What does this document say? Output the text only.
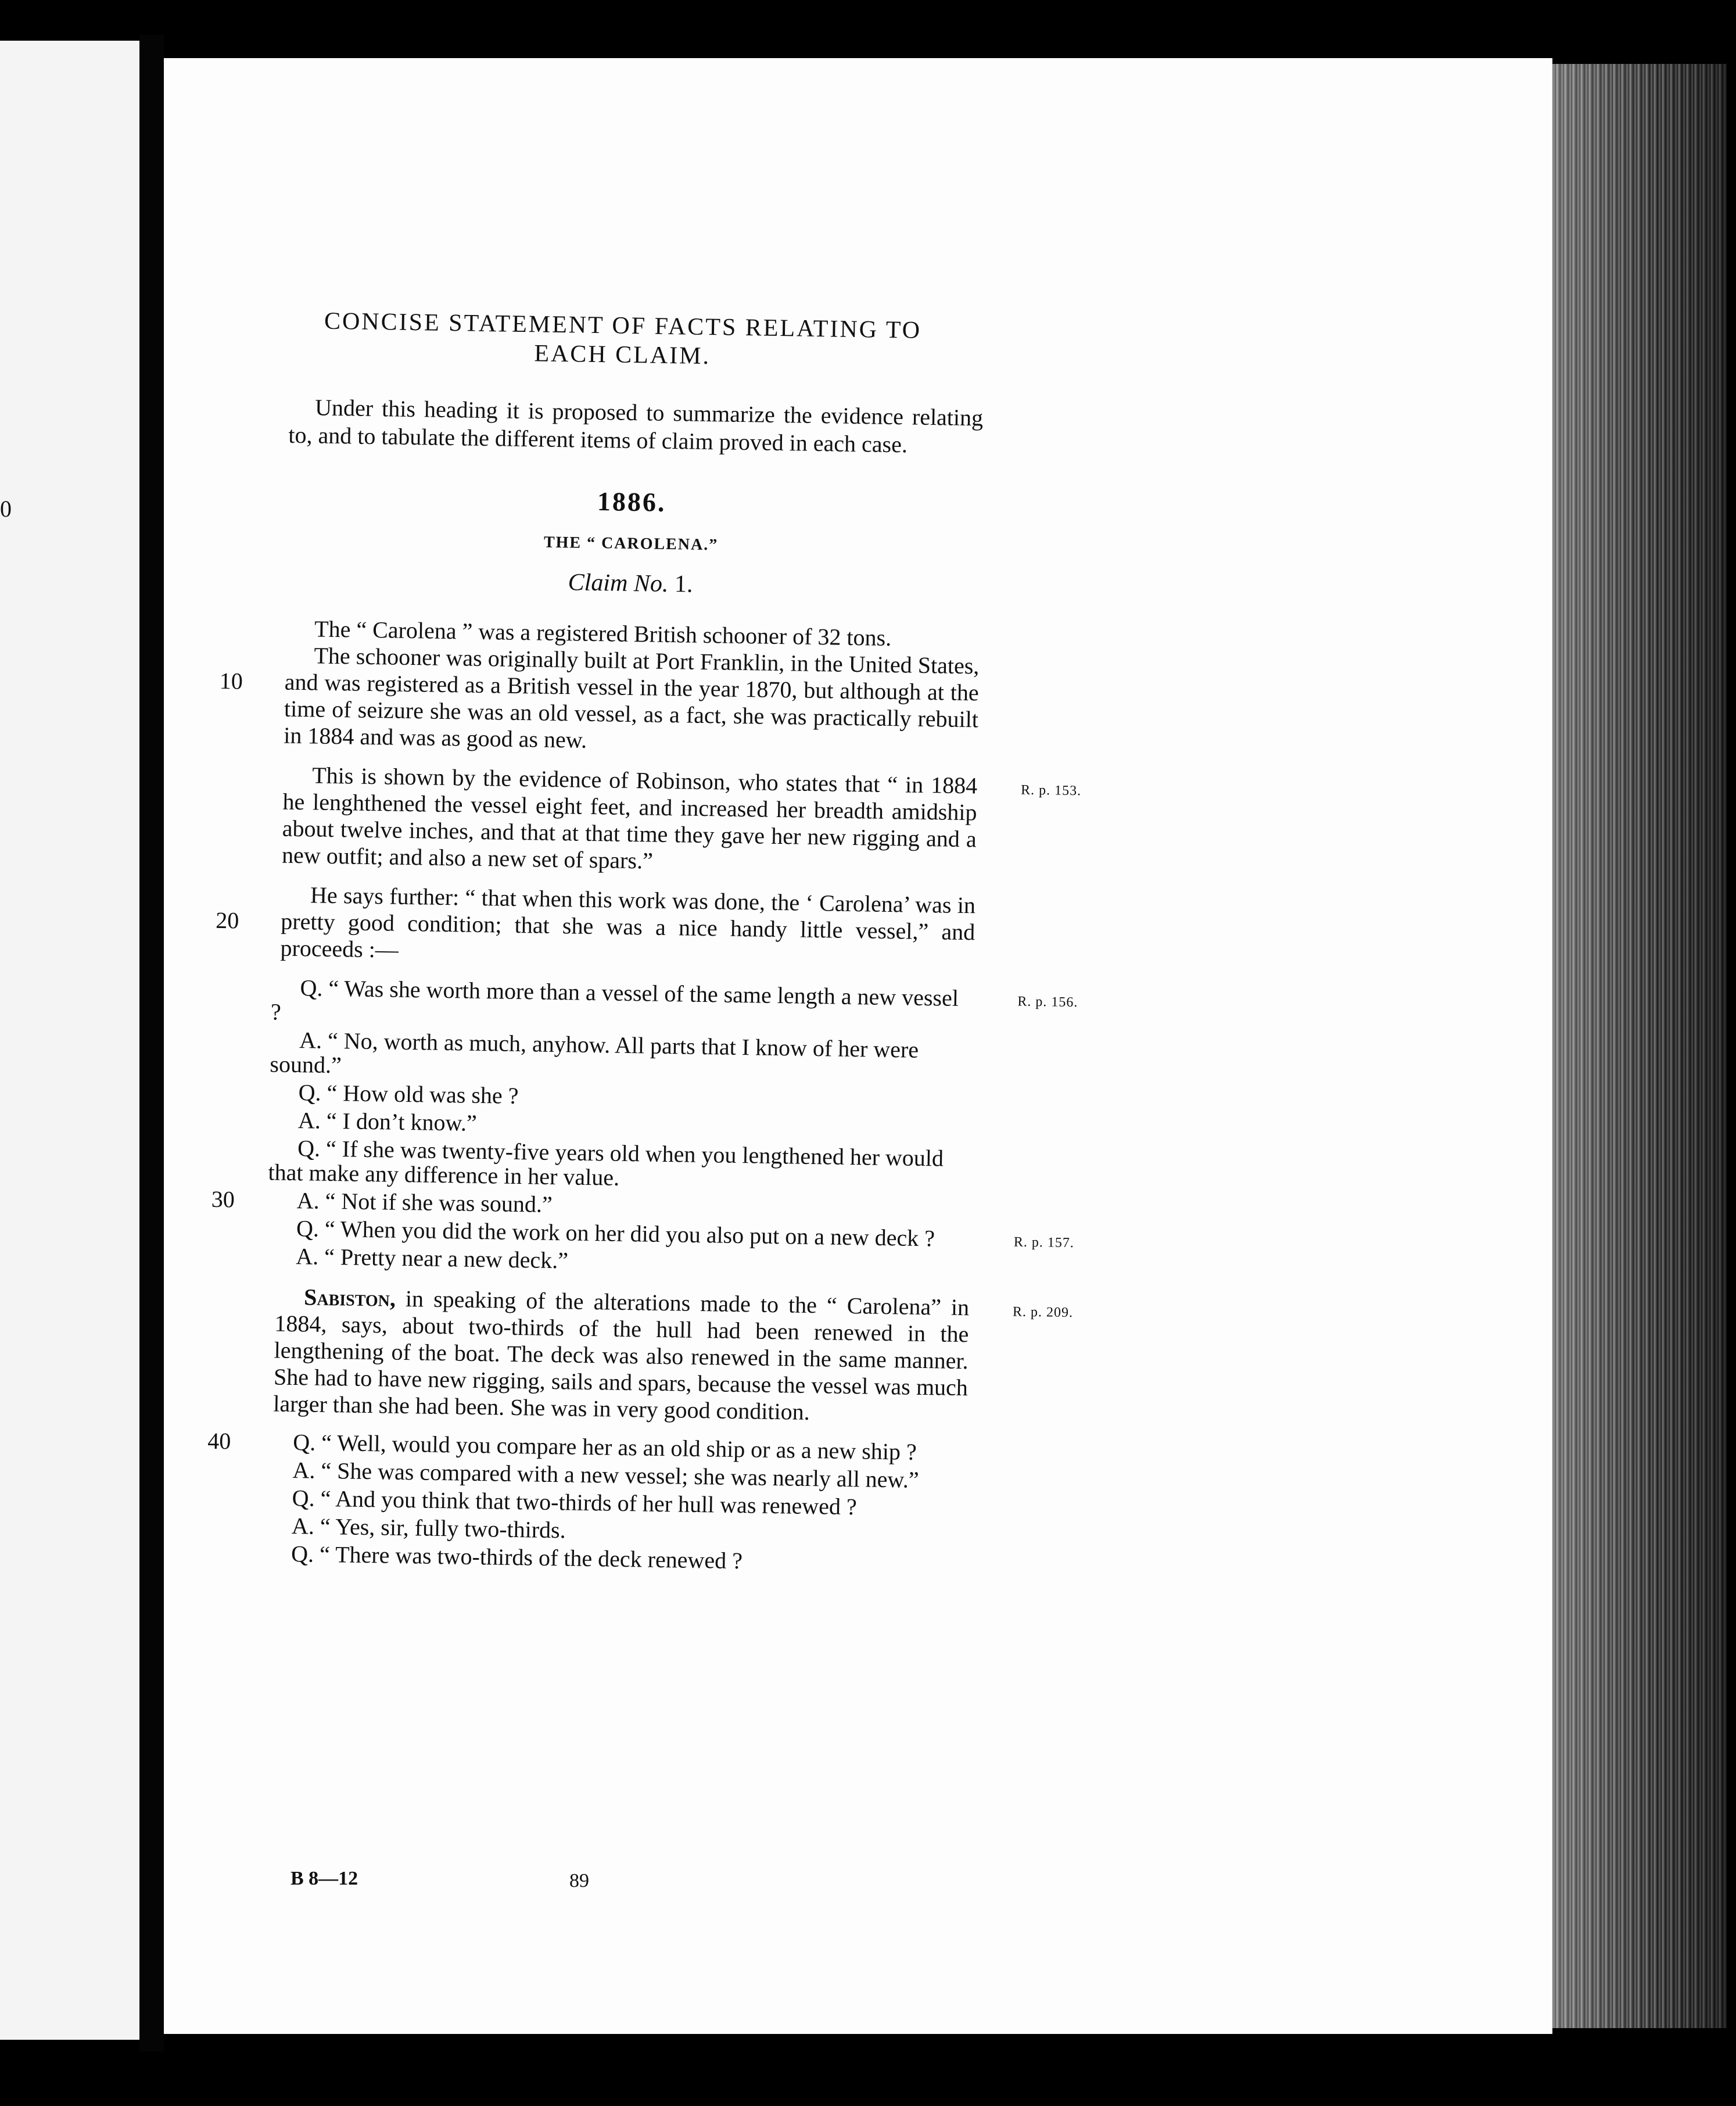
0
CONCISE STATEMENT OF FACTS RELATING TO
EACH CLAIM.

Under this heading it is proposed to summarize the evidence relating to, and to tabulate the different items of claim proved in each case.

1886.
THE “ CAROLENA.”
Claim No. 1.

The “ Carolena ” was a registered British schooner of 32 tons.

10
The schooner was originally built at Port Franklin, in the United States, and was registered as a British vessel in the year 1870, but although at the time of seizure she was an old vessel, as a fact, she was practically rebuilt in 1884 and was as good as new.
R. p. 153.
This is shown by the evidence of Robinson, who states that “ in 1884 he lenghthened the vessel eight feet, and increased her breadth amidship about twelve inches, and that at that time they gave her new rigging and a new outfit; and also a new set of spars.”
20
He says further: “ that when this work was done, the ‘ Carolena’ was in pretty good condition; that she was a nice handy little vessel,” and proceeds :—
R. p. 156.
Q. “ Was she worth more than a vessel of the same length a new vessel ?
A. “ No, worth as much, anyhow. All parts that I know of her were sound.”
Q. “ How old was she ?
A. “ I don’t know.”
Q. “ If she was twenty-five years old when you lengthened her would that make any difference in her value.
30	A. “ Not if she was sound.”
R. p. 157.
Q. “ When you did the work on her did you also put on a new deck ?
A. “ Pretty near a new deck.”
R. p. 209.
Sabiston, in speaking of the alterations made to the “ Carolena” in 1884, says, about two-thirds of the hull had been renewed in the lengthening of the boat. The deck was also renewed in the same manner. She had to have new rigging, sails and spars, because the vessel was much larger than she had been. She was in very good condition.
40	Q. “ Well, would you compare her as an old ship or as a new ship ?
A. “ She was compared with a new vessel; she was nearly all new.”
Q. “ And you think that two-thirds of her hull was renewed ?
A. “ Yes, sir, fully two-thirds.
Q. “ There was two-thirds of the deck renewed ?
B 8—12	89
